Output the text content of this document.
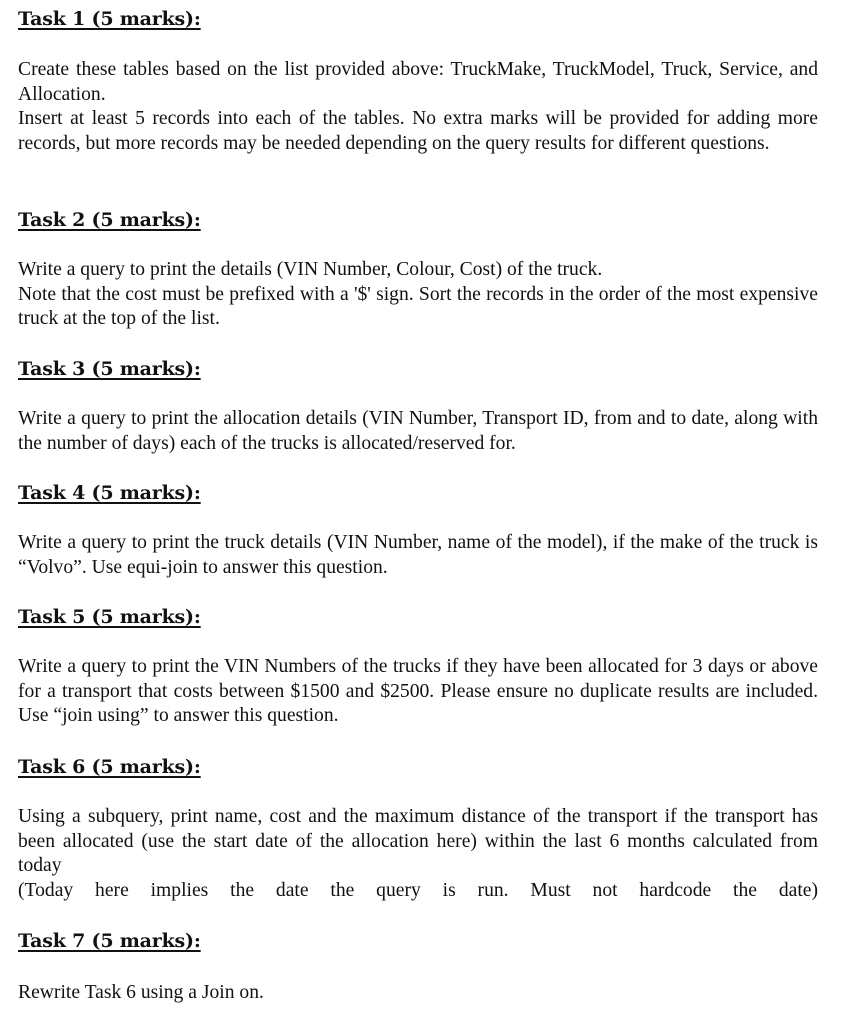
Task 1 (5 marks):

Create these tables based on the list provided above: TruckMake, TruckModel, Truck, Service, and Allocation.

Insert at least 5 records into each of the tables. No extra marks will be provided for adding more records, but more records may be needed depending on the query results for different questions.

Task 2 (5 marks):

Write a query to print the details (VIN Number, Colour, Cost) of the truck.

Note that the cost must be prefixed with a '$' sign. Sort the records in the order of the most expensive truck at the top of the list.

Task 3 (5 marks):

Write a query to print the allocation details (VIN Number, Transport ID, from and to date, along with the number of days) each of the trucks is allocated/reserved for.

Task 4 (5 marks):

Write a query to print the truck details (VIN Number, name of the model), if the make of the truck is “Volvo”. Use equi-join to answer this question.

Task 5 (5 marks):

Write a query to print the VIN Numbers of the trucks if they have been allocated for 3 days or above for a transport that costs between $1500 and $2500. Please ensure no duplicate results are included. Use “join using” to answer this question.

Task 6 (5 marks):

Using a subquery, print name, cost and the maximum distance of the transport if the transport has been allocated (use the start date of the allocation here) within the last 6 months calculated from today

(Today here implies the date the query is run. Must not hardcode the date)

Task 7 (5 marks):

Rewrite Task 6 using a Join on.
